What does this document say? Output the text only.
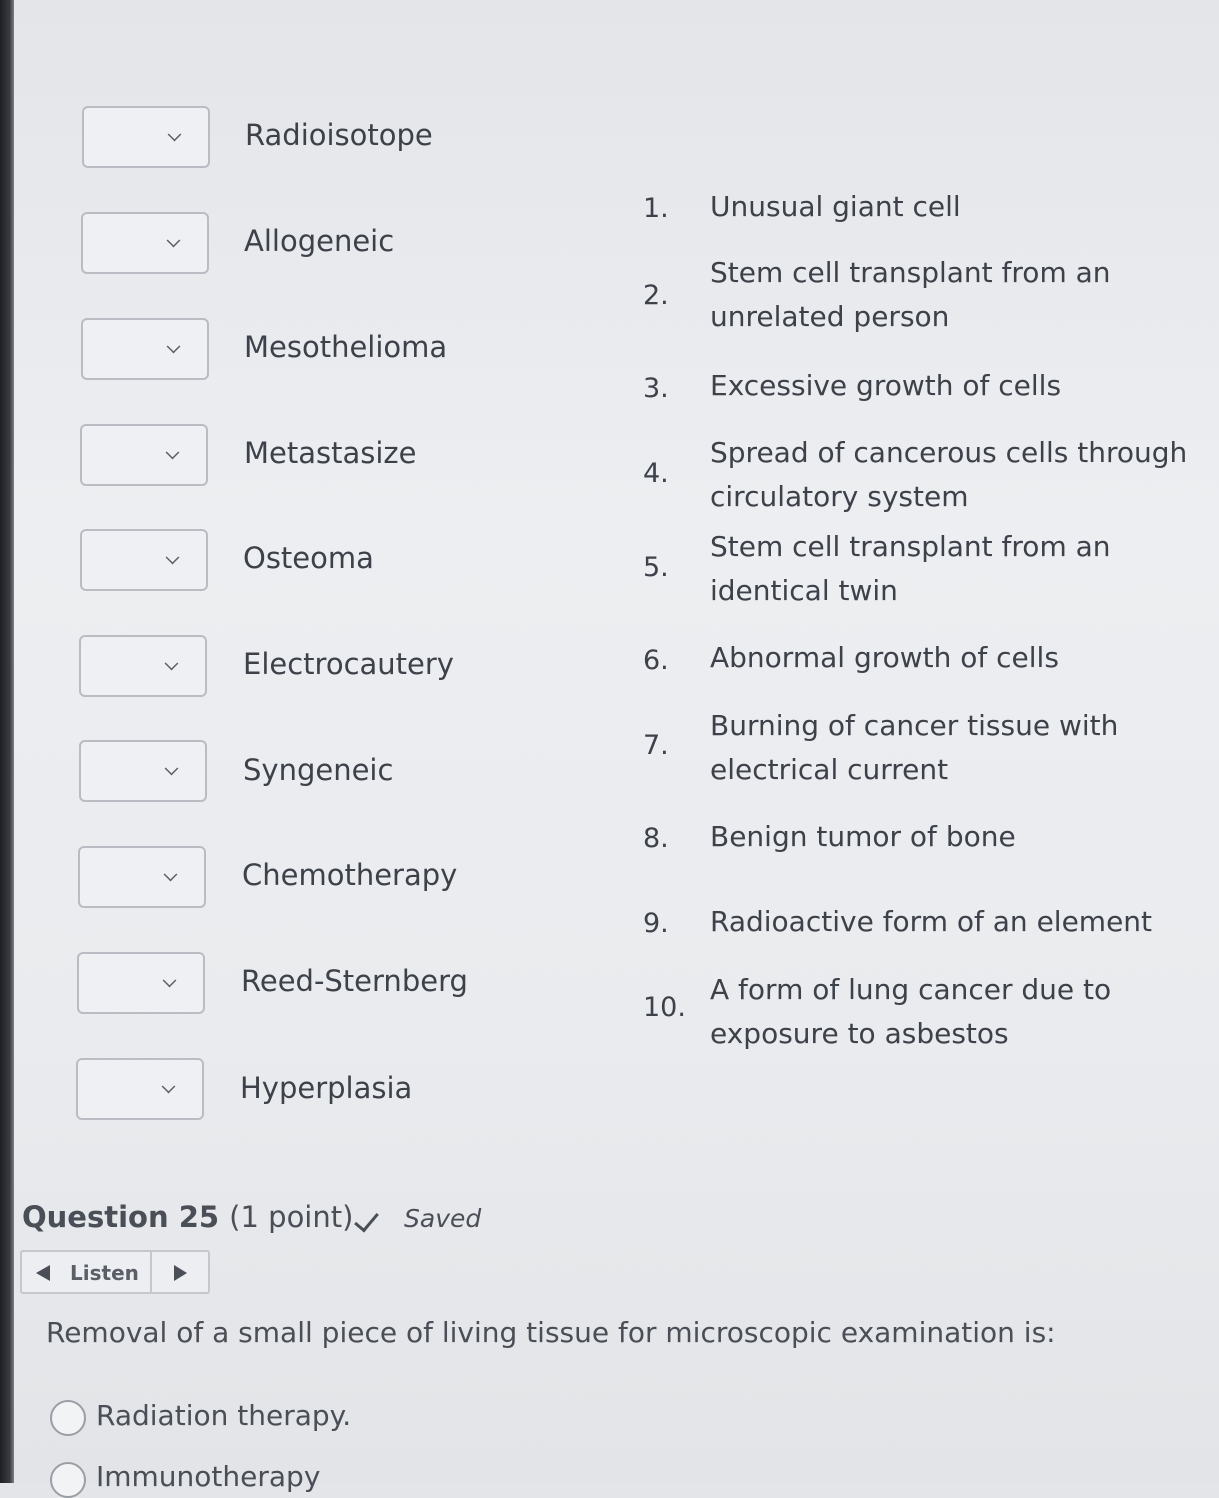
Radioisotope
Allogeneic
Mesothelioma
Metastasize
Osteoma
Electrocautery
Syngeneic
Chemotherapy
Reed-Sternberg
Hyperplasia
1. Unusual giant cell
2.
Stem cell transplant from an unrelated person
3. Excessive growth of cells
4.
Spread of cancerous cells through circulatory system
5.
Stem cell transplant from an identical twin
6. Abnormal growth of cells
7.
Burning of cancer tissue with electrical current
8. Benign tumor of bone
9. Radioactive form of an element
10.
A form of lung cancer due to exposure to asbestos
Question 25 (1 point) Saved
Listen
Removal of a small piece of living tissue for microscopic examination is:
Radiation therapy.
Immunotherapy
